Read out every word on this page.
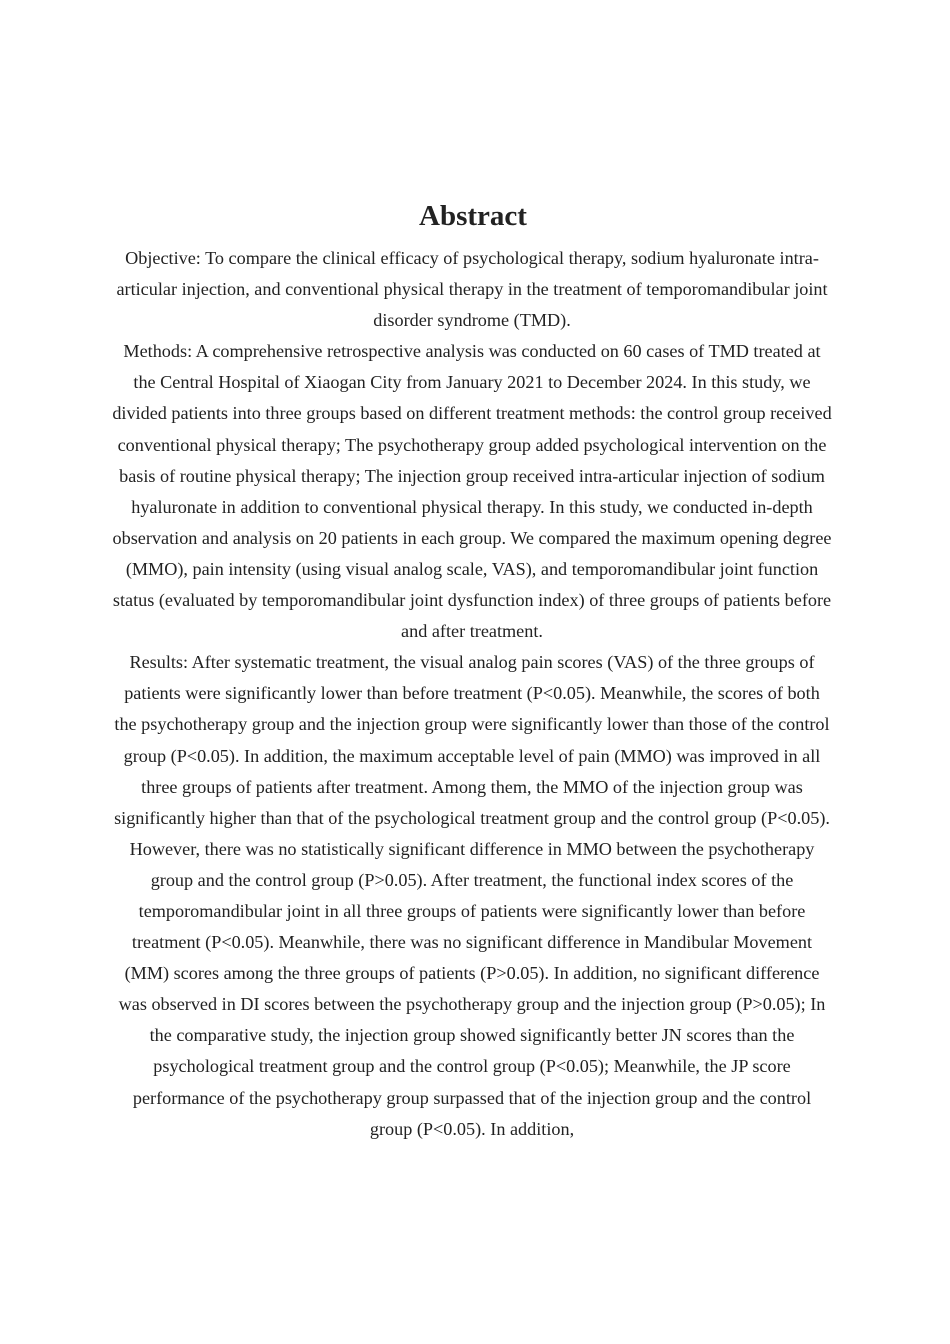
Abstract

Objective: To compare the clinical efficacy of psychological therapy, sodium hyaluronate intra-articular injection, and conventional physical therapy in the treatment of temporomandibular joint disorder syndrome (TMD).

Methods: A comprehensive retrospective analysis was conducted on 60 cases of TMD treated at the Central Hospital of Xiaogan City from January 2021 to December 2024. In this study, we divided patients into three groups based on different treatment methods: the control group received conventional physical therapy; The psychotherapy group added psychological intervention on the basis of routine physical therapy; The injection group received intra-articular injection of sodium hyaluronate in addition to conventional physical therapy. In this study, we conducted in-depth observation and analysis on 20 patients in each group. We compared the maximum opening degree (MMO), pain intensity (using visual analog scale, VAS), and temporomandibular joint function status (evaluated by temporomandibular joint dysfunction index) of three groups of patients before and after treatment.

Results: After systematic treatment, the visual analog pain scores (VAS) of the three groups of patients were significantly lower than before treatment (P<0.05). Meanwhile, the scores of both the psychotherapy group and the injection group were significantly lower than those of the control group (P<0.05). In addition, the maximum acceptable level of pain (MMO) was improved in all three groups of patients after treatment. Among them, the MMO of the injection group was significantly higher than that of the psychological treatment group and the control group (P<0.05). However, there was no statistically significant difference in MMO between the psychotherapy group and the control group (P>0.05). After treatment, the functional index scores of the temporomandibular joint in all three groups of patients were significantly lower than before treatment (P<0.05). Meanwhile, there was no significant difference in Mandibular Movement (MM) scores among the three groups of patients (P>0.05). In addition, no significant difference was observed in DI scores between the psychotherapy group and the injection group (P>0.05); In the comparative study, the injection group showed significantly better JN scores than the psychological treatment group and the control group (P<0.05); Meanwhile, the JP score performance of the psychotherapy group surpassed that of the injection group and the control group (P<0.05). In addition,
